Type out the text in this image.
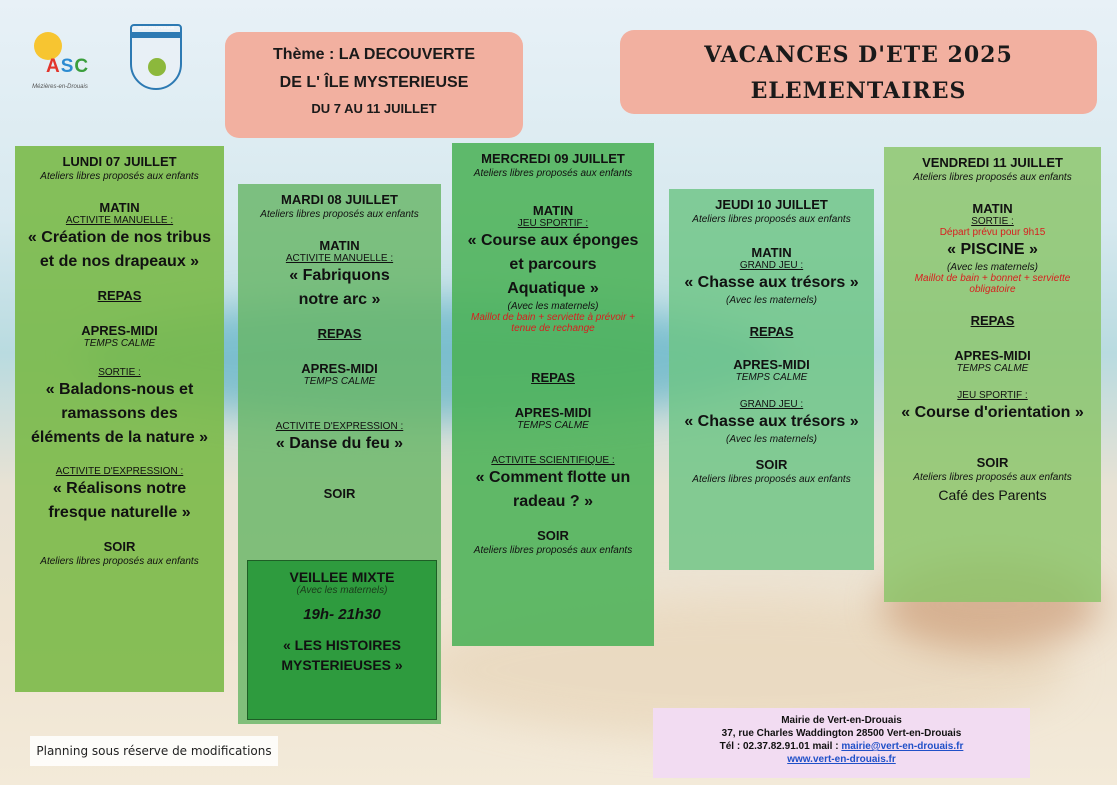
ASC
Mézières-en-Drouais
VERT-EN-DROUAIS
Thème : LA DECOUVERTE
DE L' ÎLE MYSTERIEUSE
DU 7 AU 11 JUILLET
VACANCES D'ETE 2025
ELEMENTAIRES
LUNDI 07 JUILLET
Ateliers libres proposés aux enfants
MATIN
ACTIVITE MANUELLE :
« Création de nos tribus
et de nos drapeaux »
REPAS
APRES-MIDI
TEMPS CALME
SORTIE :
« Baladons-nous et
ramassons des
éléments de la nature »
ACTIVITE D'EXPRESSION :
« Réalisons notre
fresque naturelle »
SOIR
Ateliers libres proposés aux enfants
MARDI 08 JUILLET
Ateliers libres proposés aux enfants
MATIN
ACTIVITE MANUELLE :
« Fabriquons
notre arc »
REPAS
APRES-MIDI
TEMPS CALME
ACTIVITE D'EXPRESSION :
« Danse du feu »
SOIR
VEILLEE MIXTE
(Avec les maternels)
19h- 21h30
« LES HISTOIRES
MYSTERIEUSES »
MERCREDI 09 JUILLET
Ateliers libres proposés aux enfants
MATIN
JEU SPORTIF :
« Course aux éponges
et parcours
Aquatique »
(Avec les maternels)
Maillot de bain + serviette à prévoir +
tenue de rechange
REPAS
APRES-MIDI
TEMPS CALME
ACTIVITE SCIENTIFIQUE :
« Comment flotte un
radeau ? »
SOIR
Ateliers libres proposés aux enfants
JEUDI 10 JUILLET
Ateliers libres proposés aux enfants
MATIN
GRAND JEU :
« Chasse aux trésors »
(Avec les maternels)
REPAS
APRES-MIDI
TEMPS CALME
GRAND JEU :
« Chasse aux trésors »
(Avec les maternels)
SOIR
Ateliers libres proposés aux enfants
VENDREDI 11 JUILLET
Ateliers libres proposés aux enfants
MATIN
SORTIE :
Départ prévu pour 9h15
« PISCINE »
(Avec les maternels)
Maillot de bain + bonnet + serviette
obligatoire
REPAS
APRES-MIDI
TEMPS CALME
JEU SPORTIF :
« Course d'orientation »
SOIR
Ateliers libres proposés aux enfants
Café des Parents
Planning sous réserve de modifications
Mairie de Vert-en-Drouais
37, rue Charles Waddington 28500 Vert-en-Drouais
Tél : 02.37.82.91.01 mail : mairie@vert-en-drouais.fr
www.vert-en-drouais.fr
